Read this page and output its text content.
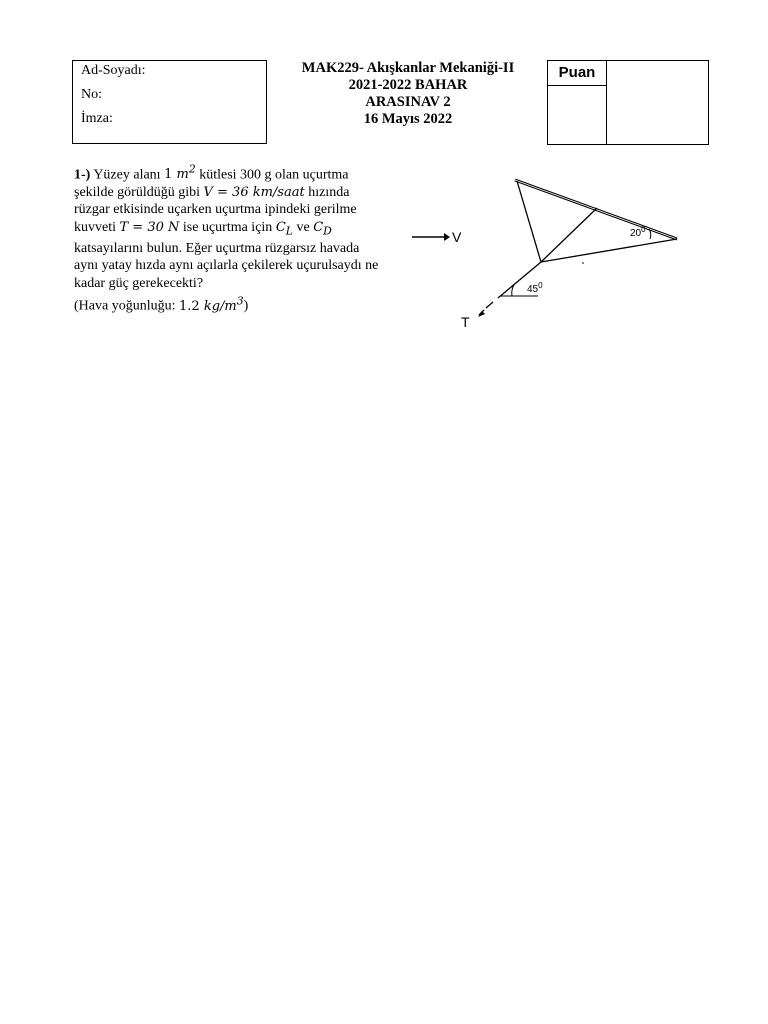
Ad-Soyadı:
No:
İmza:
MAK229- Akışkanlar Mekaniği-II
2021-2022 BAHAR
ARASINAV 2
16 Mayıs 2022
Puan
1-) Yüzey alanı 1 $m^2$ kütlesi 300 g olan uçurtma şekilde görüldüğü gibi V = 36 km/saat hızında rüzgar etkisinde uçarken uçurtma ipindeki gerilme kuvveti T = 30 N ise uçurtma için $C_L$ ve $C_D$ katsayılarını bulun. Eğer uçurtma rüzgarsız havada aynı yatay hızda aynı açılarla çekilerek uçurulsaydı ne kadar güç gerekecekti?
(Hava yoğunluğu: 1.2 $kg/m^3$)
V	$20^0$
T
$45^0$
